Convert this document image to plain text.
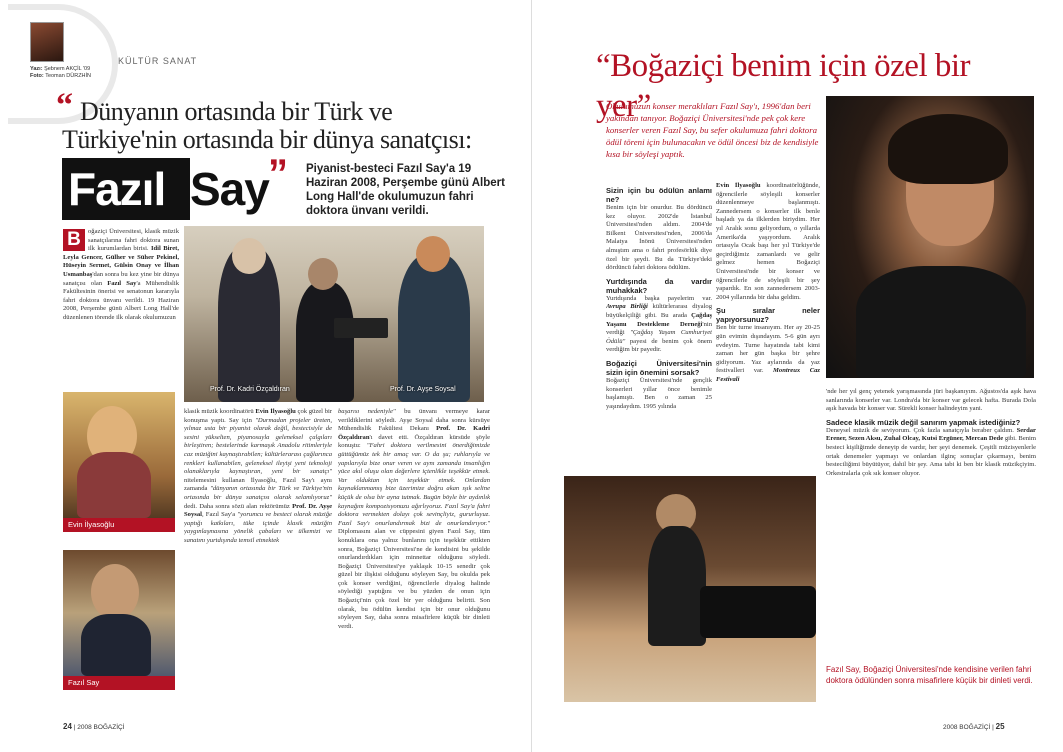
KÜLTÜR SANAT
Yazı: Şebnem AKÇİL '09
Foto: Teoman DÜRZHİN
“ Dünyanın ortasında bir Türk ve Türkiye'nin ortasında bir dünya sanatçısı:
Fazıl Say ” Piyanist-besteci Fazıl Say'a 19 Haziran 2008, Perşembe günü Albert Long Hall'de okulumuzun fahri doktora ünvanı verildi.
B	oğaziçi Üniversitesi, klasik müzik sanatçılarına fahri doktora sunan ilk kurumlardan birisi. Idil Biret, Leyla Gencer, Gülher ve Süher Pekinel, Hüseyin Sermet, Gülsin Onay ve İlhan Usmanbaş'dan sonra bu kez yine bir dünya sanatçısı olan Fazıl Say'a Mühendislik Fakültesinin önerisi ve senatonun kararıyla fahri doktora ünvanı verildi. 19 Haziran 2008, Perşembe günü Albert Long Hall'de düzenlenen törende ilk olarak okulumuzun
Prof. Dr. Kadri Özçaldıran	Prof. Dr. Ayşe Soysal
Evin İlyasoğlu
Fazıl Say
klasik müzik koordinatörü Evin İlyasoğlu çok güzel bir konuşma yaptı. Say için "Durmadan projeler üreten, yılmaz usta bir piyanist olarak değil, bestecisiyle de sesini yükselten, piyanosuyla geleneksel çalgıları birleştiren; bestelerinde karmaşık Anadolu ritimleriyle caz müziğini kaynaştırabilen; kültürlerarası çağlarınca renkleri kullanabilen, geleneksel ileyişi yeni teknoloji olanaklarıyla kaynaştıran, yeni bir sanatçı" nitelemesini kullanan İlyasoğlu, Fazıl Say'ı aynı zamanda "dünyanın ortasında bir Türk ve Türkiye'nin ortasında bir dünya sanatçısı olarak selamlıyoruz" dedi. Daha sonra sözü alan rektörümüz Prof. Dr. Ayşe Soysal, Fazıl Say'a "yorumcu ve besteci olarak müziğe yaptığı katkıları, tüke içinde klasik müziğin yaygınlaşmasına yönelik çabaları ve ülkemizi ve sanatını yurtdışında temsil etmektek
başarısı nedeniyle" bu ünvanı vermeye karar verildiklerini söyledi. Ayşe Soysal daha sonra kürsüye Mühendislik Fakültesi Dekanı Prof. Dr. Kadri Özçaldıran'ı davet etti. Özçaldıran kürsüde şöyle konuştu: "Fahri doktora verilmesini önerdiğimizde güttüğümüz tek bir amaç var. O da şu; ruhlarıyla ve yapılarıyla bize onur veren ve aynı zamanda insanlığın yüce akıl oluşu olan değerlere içtenlikle teşekkür etmek. Var olduktan için teşekkür etmek. Onlardan kaynaklanmamış bize üzerimize doğru akan ışık seline küçük de olsa bir ayna tutmak. Bugün böyle bir aydınlık kaynağım kompozisyonuzu ağırlıyoruz. Fazıl Say'a fahri doktora vermekten dolayı çok sevinçliyiz, gururluyuz. Fazıl Say'ı onurlandırmak bizi de onurlandırıyor." Diplomasını alan ve cüppesini giyen Fazıl Say, tüm konuklara ona yalnız bunlarını için teşekkür ettikten sonra, Boğaziçi Üniversitesi'ne de kendisini bu şekilde onurlandırdıkları için minnettar olduğunu söyledi. Boğaziçi Üniversitesi'ye yaklaşık 10-15 senedir çok güzel bir ilişkisi olduğunu söyleyen Say, bu okulda pek çok konser verdiğini, öğrencilerle diyalog halinde söylediği yaptığını ve bu yüzden de onun için Boğaziçi'nin çok özel bir yer olduğunu belirtti. Son olarak, bu ödülün kendisi için bir onur olduğunu söyleyen Say, daha sonra misafirlere küçük bir dinleti verdi.
24 | 2008 BOĞAZİÇİ
“Boğaziçi benim için özel bir yer”
Okulumuzun konser meraklıları Fazıl Say'ı, 1996'dan beri yakından tanıyor. Boğaziçi Üniversitesi'nde pek çok kere konserler veren Fazıl Say, bu sefer okulumuza fahri doktora ödül töreni için bulunacakın ve ödül öncesi biz de kendisiyle kısa bir söyleşi yaptık.
Sizin için bu ödülün anlamı ne?
Benim için bir onurdur. Bu dördüncü kez oluyor. 2002'de İstanbul Üniversitesi'nden aldım. 2004'de Bilkent Üniversitesi'nden, 2006'da Malatya İnönü Üniversitesi'nden almıştım ama o fahri profesörlük diye özel bir şeydi. Bu da Türkiye'deki dördüncü fahri doktora ödülüm.
Yurtdışında da vardır muhakkak?
Yurtdışında başka payelerim var. Avrupa Birliği kültürlerarası diyalog büyükelçiliği gibi. Bu arada Çağdaş Yaşamı Destekleme Derneği'nin verdiği "Çağdaş Yaşam Cumhuriyet Ödülü" payesi de benim çok önem verdiğim bir payedir.
Boğaziçi Üniversitesi'nin sizin için önemini sorsak?
Boğaziçi Üniversitesi'nde gençlik konserleri yıllar önce benimle başlamıştı. Ben o zaman 25 yaşındaydım. 1995 yılında
Evin İlyasoğlu koordinatörlüğünde, öğrencilerle söyleşili konserler düzenlenmeye başlanmıştı. Zannedersem o konserler ilk benle başladı ya da ilklerden biriydim. Her yıl Aralık sonu geliyordum, o yıllarda Amerika'da yaşıyordum. Aralık ortasıyla Ocak başı her yıl Türkiye'de geçirdiğimiz zamanlardı ve gelir gelmez hemen Boğaziçi Üniversitesi'nde bir konser ve öğrencilerle de söyleşili bir şey yapardık. En son zannedersem 2003-2004 yıllarında bir daha geldim.
Şu sıralar neler yapıyorsunuz?
Ben bir turne insanıyım. Her ay 20-25 gün evimin dışındayım. 5-6 gün ayrı evdeyim. Turne hayatında tabi kimi zaman her gün başka bir şehre gidiyorum. Yaz aylarında da yaz festivalleri var. Montreux Caz Festivali
'nde her yıl genç yetenek yarışmasında jüri başkanıyım. Ağustos'da aşık hava sanlarında konserler var. Londra'da bir konser var gelecek hafta. Burada Dola aşık havada bir konser var. Sürekli konser halindeyim yani.
Sadece klasik müzik değil sanırım yapmak istediğiniz?
Deneysel müzik de seviyorum. Çok fazla sanatçıyla beraber çaldım. Serdar Erener, Sezen Aksu, Zuhal Olcay, Kutsi Ergüner, Mercan Dede gibi. Benim besteci kişiliğimde deneyip de vardır, her şeyi denemek. Çeşitli müzisyenlerle ortak denemeler yapmayı ve onlardan ilginç sonuçlar çıkarmayı, benim besteciliğimi büyütüyor, dahil bir şey. Ama tabi ki ben bir klasik müzikçiyim. Orkestralarla çok sık konser oluyor.
Fazıl Say, Boğaziçi Üniversitesi'nde kendisine verilen fahri doktora ödülünden sonra misafirlere küçük bir dinleti verdi.
2008 BOĞAZİÇİ | 25
